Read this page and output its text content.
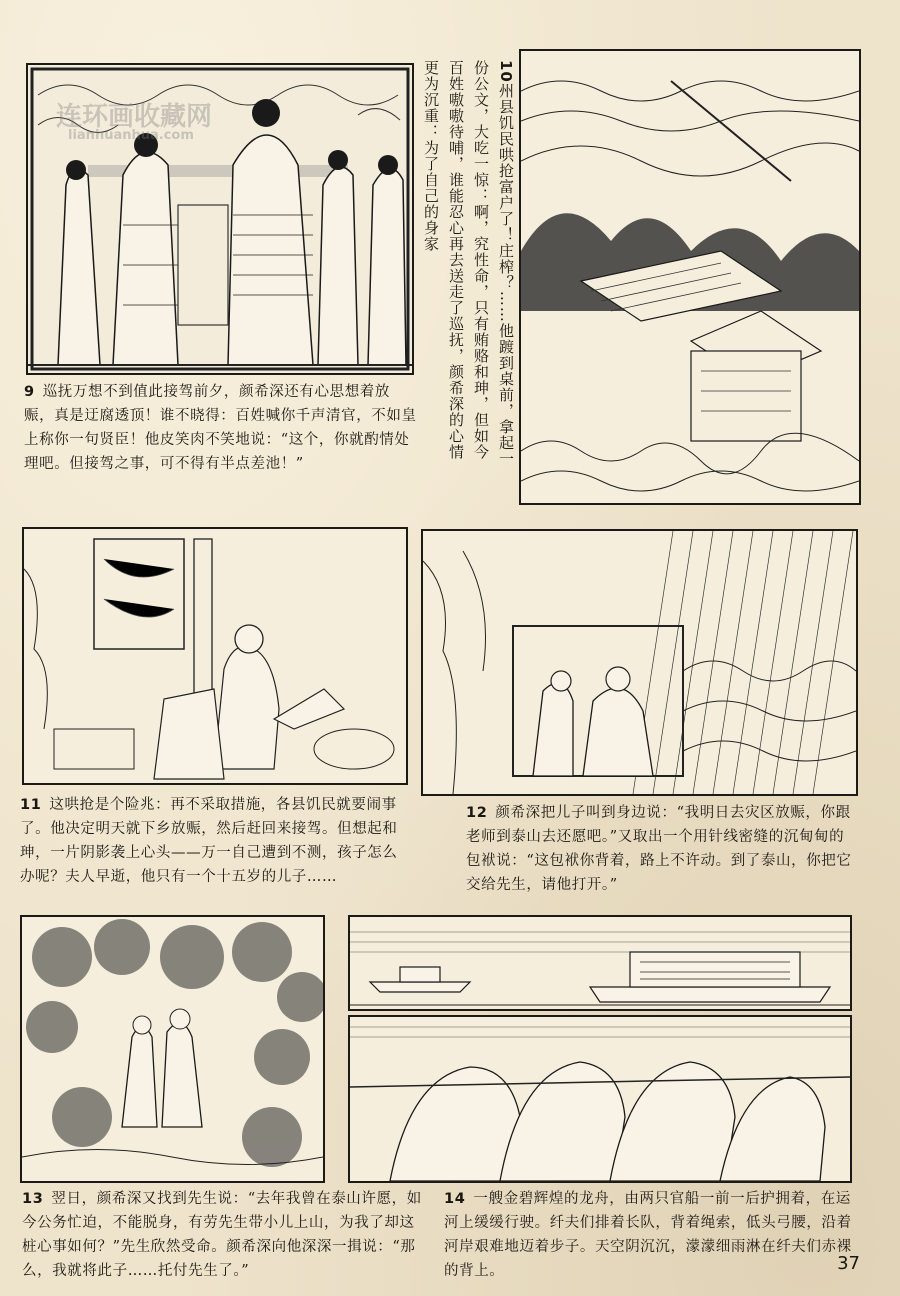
连环画收藏网
lianhuanhua.com
9 巡抚万想不到值此接驾前夕，颜希深还有心思想着放赈，真是迂腐透顶！谁不晓得：百姓喊你千声清官，不如皇上称你一句贤臣！他皮笑肉不笑地说：“这个，你就酌情处理吧。但接驾之事，可不得有半点差池！”
10州县饥民哄抢富户了！庄榨？……他踱到桌前，拿起一份公文，大吃一惊：啊，究性命，只有贿赂和珅，但如今百姓嗷嗷待哺，谁能忍心再去送走了巡抚，颜希深的心情更为沉重：为了自己的身家
11 这哄抢是个险兆：再不采取措施，各县饥民就要闹事了。他决定明天就下乡放赈，然后赶回来接驾。但想起和珅，一片阴影袭上心头——万一自己遭到不测，孩子怎么办呢？夫人早逝，他只有一个十五岁的儿子……
12 颜希深把儿子叫到身边说：“我明日去灾区放赈，你跟老师到泰山去还愿吧。”又取出一个用针线密缝的沉甸甸的包袱说：“这包袱你背着，路上不许动。到了泰山，你把它交给先生，请他打开。”
13 翌日，颜希深又找到先生说：“去年我曾在泰山许愿，如今公务忙迫，不能脱身，有劳先生带小儿上山，为我了却这桩心事如何？”先生欣然受命。颜希深向他深深一揖说：“那么，我就将此子……托付先生了。”
14 一艘金碧辉煌的龙舟，由两只官船一前一后护拥着，在运河上缓缓行驶。纤夫们排着长队，背着绳索，低头弓腰，沿着河岸艰难地迈着步子。天空阴沉沉，濛濛细雨淋在纤夫们赤裸的背上。	37
